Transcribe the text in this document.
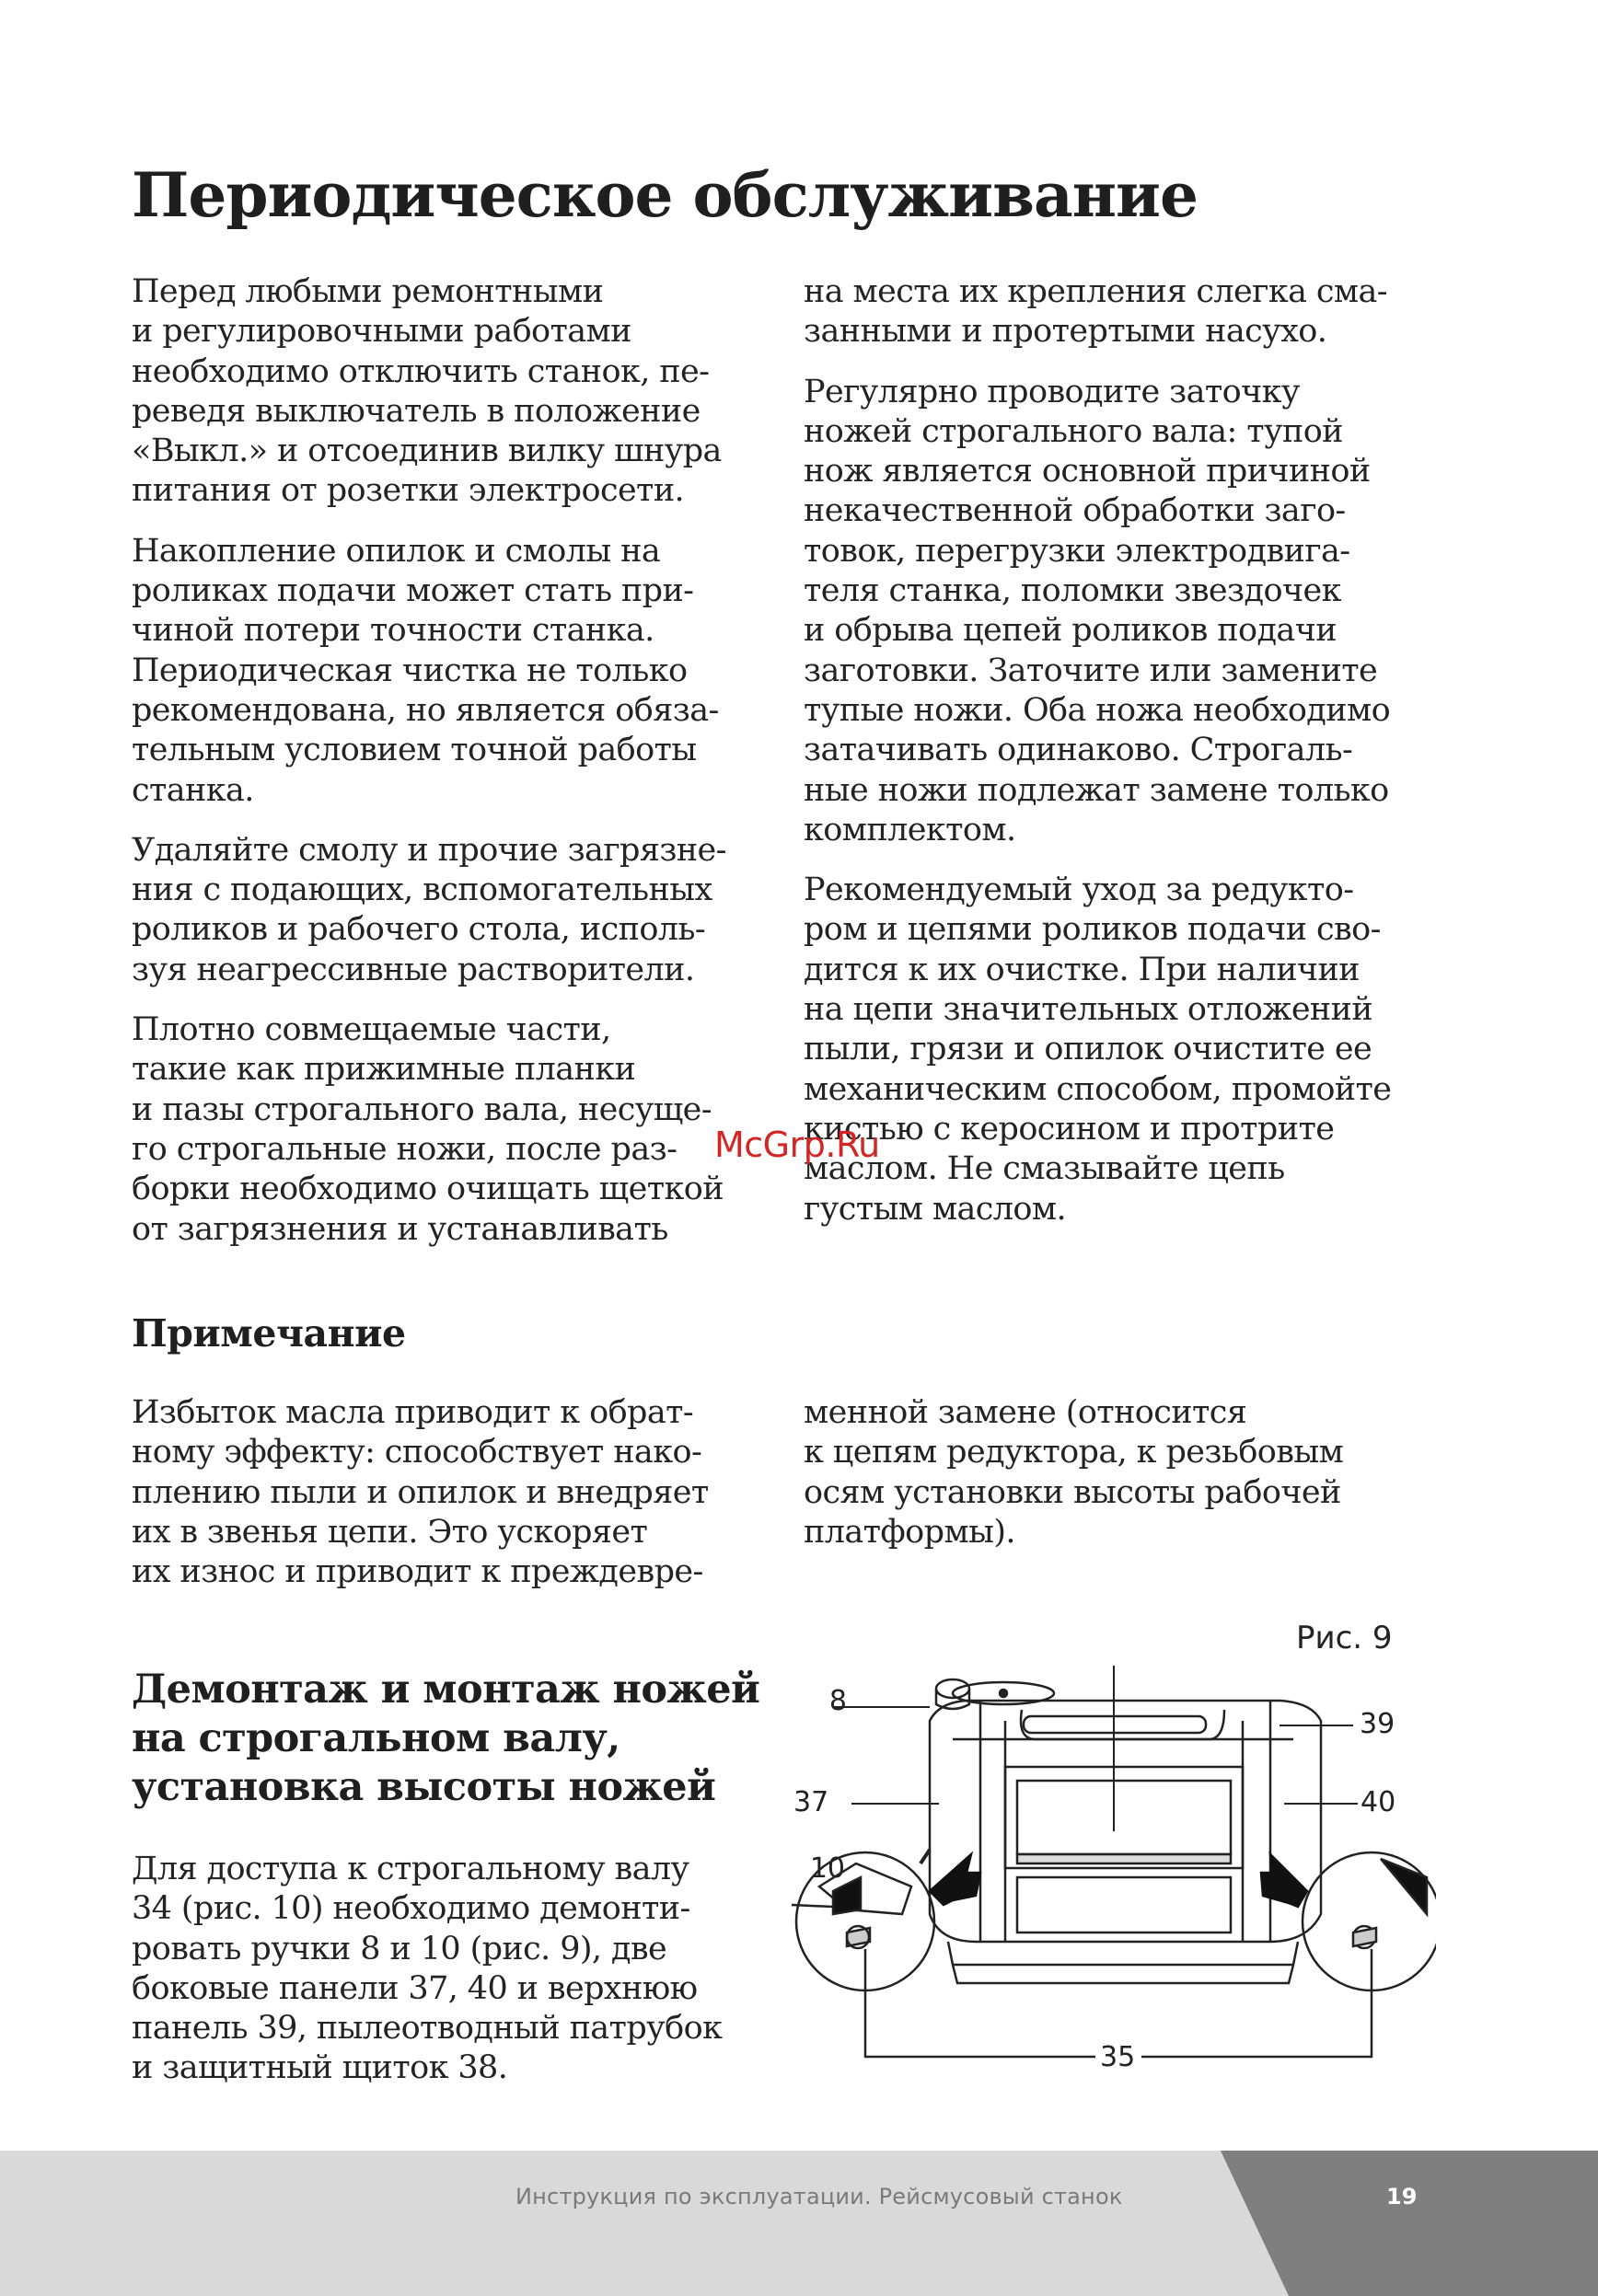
Периодическое обслуживание

Перед любыми ремонтными
и регулировочными работами
необходимо отключить станок, пе-
реведя выключатель в положение
«Выкл.» и отсоединив вилку шнура
питания от розетки электросети.

Накопление опилок и смолы на
роликах подачи может стать при-
чиной потери точности станка.
Периодическая чистка не только
рекомендована, но является обяза-
тельным условием точной работы
станка.

Удаляйте смолу и прочие загрязне-
ния с подающих, вспомогательных
роликов и рабочего стола, исполь-
зуя неагрессивные растворители.

Плотно совмещаемые части,
такие как прижимные планки
и пазы строгального вала, несуще-
го строгальные ножи, после раз-
борки необходимо очищать щеткой
от загрязнения и устанавливать

на места их крепления слегка сма-
занными и протертыми насухо.

Регулярно проводите заточку
ножей строгального вала: тупой
нож является основной причиной
некачественной обработки заго-
товок, перегрузки электродвига-
теля станка, поломки звездочек
и обрыва цепей роликов подачи
заготовки. Заточите или замените
тупые ножи. Оба ножа необходимо
затачивать одинаково. Строгаль-
ные ножи подлежат замене только
комплектом.

Рекомендуемый уход за редукто-
ром и цепями роликов подачи сво-
дится к их очистке. При наличии
на цепи значительных отложений
пыли, грязи и опилок очистите ее
механическим способом, промойте
кистью с керосином и протрите
маслом. Не смазывайте цепь
густым маслом.

McGrp.Ru
Примечание

Избыток масла приводит к обрат-
ному эффекту: способствует нако-
плению пыли и опилок и внедряет
их в звенья цепи. Это ускоряет
их износ и приводит к преждевре-

менной замене (относится
к цепям редуктора, к резьбовым
осям установки высоты рабочей
платформы).

Демонтаж и монтаж ножей
на строгальном валу,
установка высоты ножей

Для доступа к строгальному валу
34 (рис. 10) необходимо демонти-
ровать ручки 8 и 10 (рис. 9), две
боковые панели 37, 40 и верхнюю
панель 39, пылеотводный патрубок
и защитный щиток 38.

Рис. 9
8
39
37	40
10
35
Инструкция по эксплуатации. Рейсмусовый станок	19
